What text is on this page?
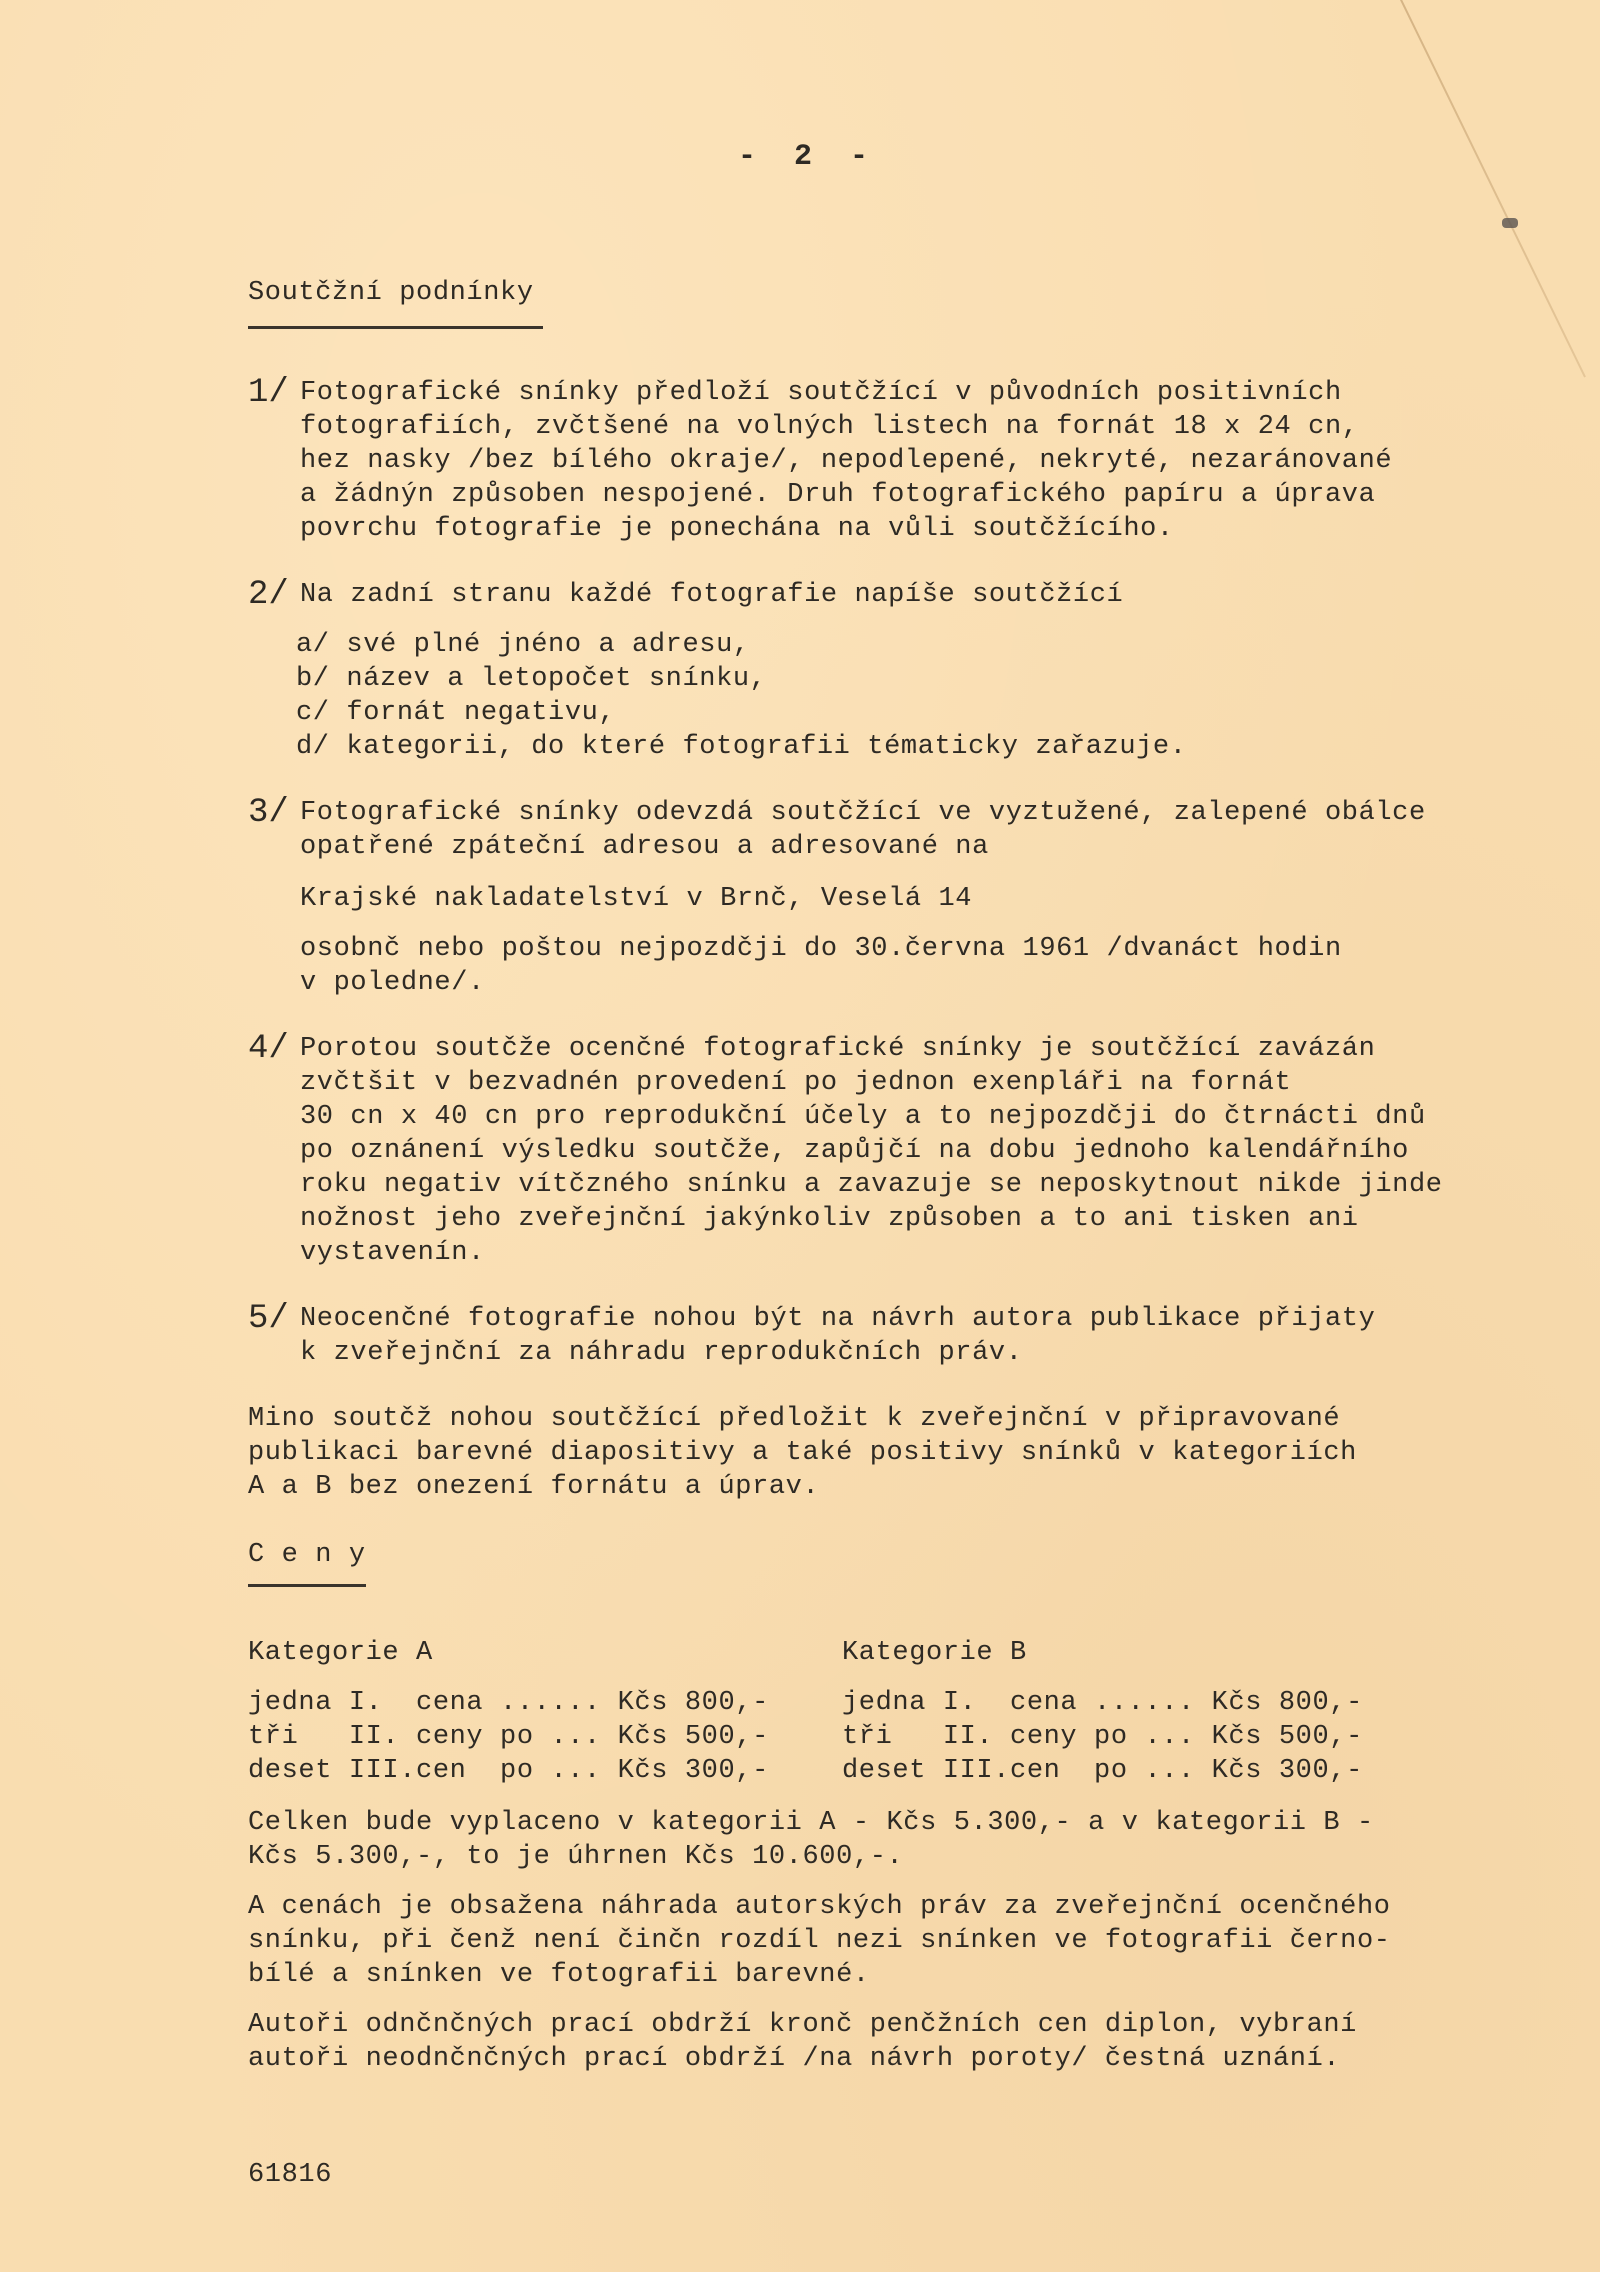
- 2 -
Soutčžní podnínky
1/ Fotografické snínky předloží soutčžící v původních positivních
fotografiích, zvčtšené na volných listech na fornát 18 x 24 cn,
hez nasky /bez bílého okraje/, nepodlepené, nekryté, nezaránované
a žádnýn způsoben nespojené. Druh fotografického papíru a úprava
povrchu fotografie je ponechána na vůli soutčžícího.
2/ Na zadní stranu každé fotografie napíše soutčžící
a/ své plné jnéno a adresu,
b/ název a letopočet snínku,
c/ fornát negativu,
d/ kategorii, do které fotografii tématicky zařazuje.
3/ Fotografické snínky odevzdá soutčžící ve vyztužené, zalepené obálce
opatřené zpáteční adresou a adresované na
Krajské nakladatelství v Brnč, Veselá 14
osobnč nebo poštou nejpozdčji do 30.června 1961 /dvanáct hodin
v poledne/.
4/ Porotou soutčže ocenčné fotografické snínky je soutčžící zavázán
zvčtšit v bezvadnén provedení po jednon exenpláři na fornát
30 cn x 40 cn pro reprodukční účely a to nejpozdčji do čtrnácti dnů
po oznánení výsledku soutčže, zapůjčí na dobu jednoho kalendářního
roku negativ vítčzného snínku a zavazuje se neposkytnout nikde jinde
nožnost jeho zveřejnční jakýnkoliv způsoben a to ani tisken ani
vystavenín.
5/ Neocenčné fotografie nohou být na návrh autora publikace přijaty
k zveřejnční za náhradu reprodukčních práv.
Mino soutčž nohou soutčžící předložit k zveřejnční v připravované
publikaci barevné diapositivy a také positivy snínků v kategoriích
A a B bez onezení fornátu a úprav.
C e n y
Kategorie A
jedna I.  cena ...... Kčs 800,-
tři   II. ceny po ... Kčs 500,-
deset III.cen  po ... Kčs 300,-
Kategorie B
jedna I.  cena ...... Kčs 800,-
tři   II. ceny po ... Kčs 500,-
deset III.cen  po ... Kčs 300,-
Celken bude vyplaceno v kategorii A - Kčs 5.300,- a v kategorii B -
Kčs 5.300,-, to je úhrnen Kčs 10.600,-.
A cenách je obsažena náhrada autorských práv za zveřejnční ocenčného
snínku, při čenž není činčn rozdíl nezi snínken ve fotografii černo-
bílé a snínken ve fotografii barevné.
Autoři odnčnčných prací obdrží kronč penčžních cen diplon, vybraní
autoři neodnčnčných prací obdrží /na návrh poroty/ čestná uznání.
61816
